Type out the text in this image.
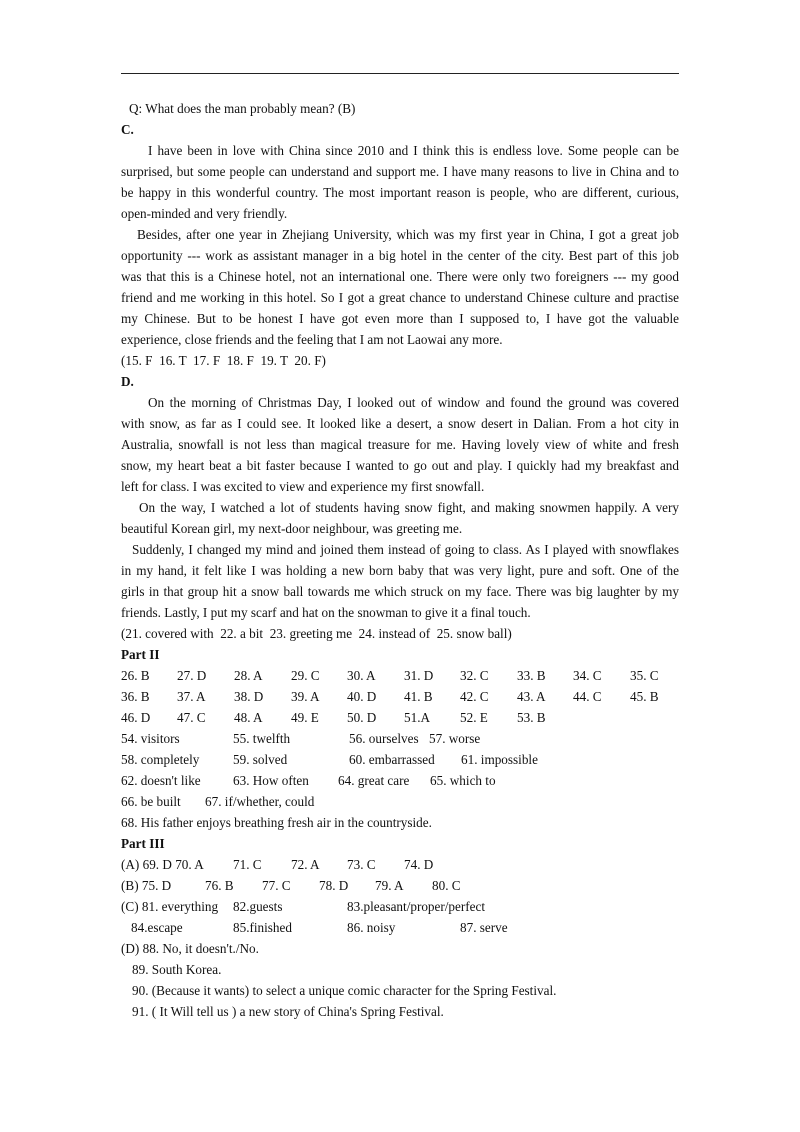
Q: What does the man probably mean? (B)
C.
I have been in love with China since 2010 and I think this is endless love. Some people can be
surprised, but some people can understand and support me. I have many reasons to live in China and to
be happy in this wonderful country. The most important reason is people, who are different, curious,
open-minded and very friendly.
Besides, after one year in Zhejiang University, which was my first year in China, I got a great job
opportunity --- work as assistant manager in a big hotel in the center of the city. Best part of this job
was that this is a Chinese hotel, not an international one. There were only two foreigners --- my good
friend and me working in this hotel. So I got a great chance to understand Chinese culture and practise
my Chinese. But to be honest I have got even more than I supposed to, I have got the valuable
experience, close friends and the feeling that I am not Laowai any more.
(15. F  16. T  17. F  18. F  19. T  20. F)
D.
On the morning of Christmas Day, I looked out of window and found the ground was covered
with snow, as far as I could see. It looked like a desert, a snow desert in Dalian. From a hot city in
Australia, snowfall is not less than magical treasure for me. Having lovely view of white and fresh
snow, my heart beat a bit faster because I wanted to go out and play. I quickly had my breakfast and
left for class. I was excited to view and experience my first snowfall.
On the way, I watched a lot of students having snow fight, and making snowmen happily. A very
beautiful Korean girl, my next-door neighbour, was greeting me.
Suddenly, I changed my mind and joined them instead of going to class. As I played with snowflakes
in my hand, it felt like I was holding a new born baby that was very light, pure and soft. One of the
girls in that group hit a snow ball towards me which struck on my face. There was big laughter by my
friends. Lastly, I put my scarf and hat on the snowman to give it a final touch.
(21. covered with  22. a bit  23. greeting me  24. instead of  25. snow ball)
Part II
26. B 27. D 28. A 29. C 30. A 31. D 32. C 33. B 34. C 35. C
36. B 37. A 38. D 39. A 40. D 41. B 42. C 43. A 44. C 45. B
46. D 47. C 48. A 49. E 50. D 51.A 52. E 53. B
54. visitors	55. twelfth	56. ourselves 57. worse
58. completely	59. solved	60. embarrassed 61. impossible
62. doesn't like 63. How often 64. great care 65. which to
66. be built 67. if/whether, could
68. His father enjoys breathing fresh air in the countryside.
Part III
(A) 69. D 70. A 71. C 72. A 73. C 74. D
(B) 75. D	76. B 77. C 78. D 79. A 80. C
(C) 81. everything 82.guests	83.pleasant/proper/perfect
84.escape	85.finished	86. noisy	87. serve
(D) 88. No, it doesn't./No.
89. South Korea.
90. (Because it wants) to select a unique comic character for the Spring Festival.
91. ( It Will tell us ) a new story of China's Spring Festival.
